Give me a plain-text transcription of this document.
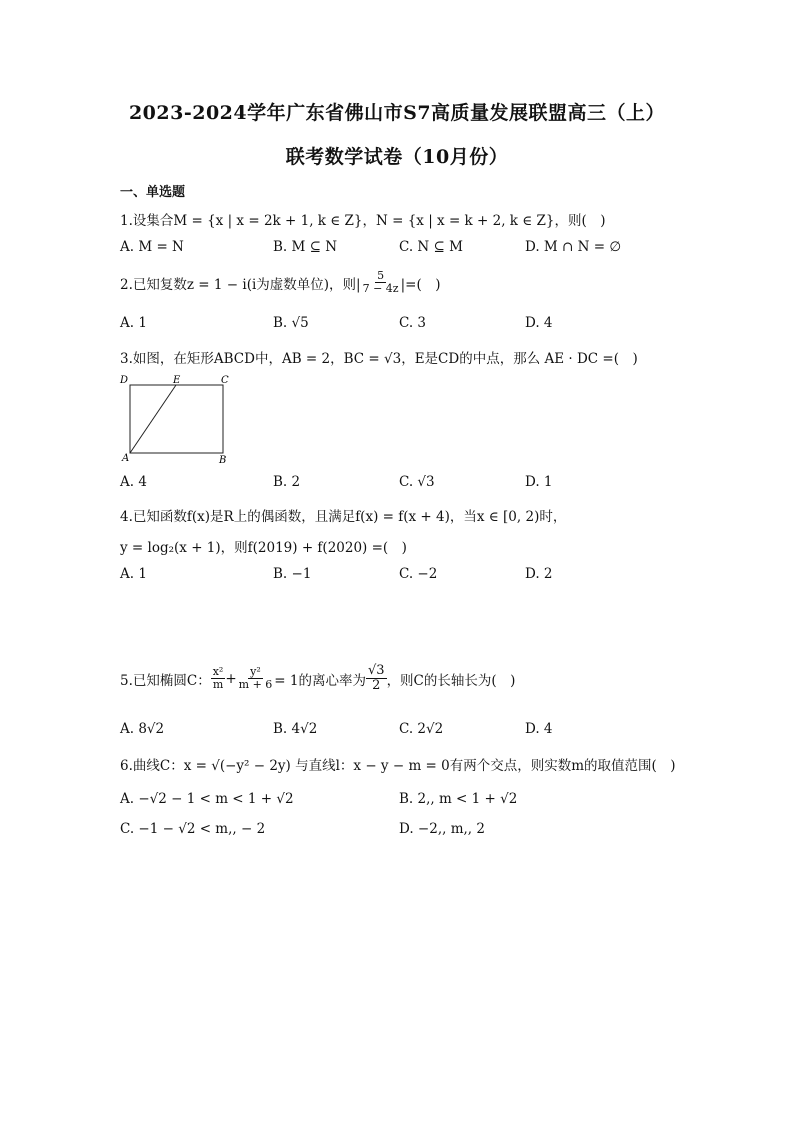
2023-2024学年广东省佛山市S7高质量发展联盟高三（上）
联考数学试卷（10月份）
一、单选题
1.设集合M = {x | x = 2k + 1, k ∈ Z}，N = {x | x = k + 2, k ∈ Z}，则(　)
A. M = N	B. M ⊆ N	C. N ⊆ M	D. M ∩ N = ∅
2.已知复数z = 1 − i(i为虚数单位)，则| $\frac{5}{7 - 4z}$ |=(　)
A. 1	B. √5	C. 3	D. 4
3.如图，在矩形ABCD中，AB = 2，BC = √3，E是CD的中点，那么 AE · DC =(　)
D	E	C
A	B
A. 4	B. 2	C. √3	D. 1
4.已知函数f(x)是R上的偶函数，且满足f(x) = f(x + 4)，当x ∈ [0, 2)时，
y = log₂(x + 1)，则f(2019) + f(2020) =(　)
A. 1	B. −1	C. −2	D. 2
5.已知椭圆C： $\frac{\text{x²}}{m} + \frac{\text{y²}}{m + 6} = 1$的离心率为 $\frac{√3}{2}$ ，则C的长轴长为(　)
A. 8√2	B. 4√2	C. 2√2	D. 4
6.曲线C：x = √(−y² − 2y) 与直线l：x − y − m = 0有两个交点，则实数m的取值范围(　)
A. −√2 − 1 < m < 1 + √2	B. 2,, m < 1 + √2
C. −1 − √2 < m,, − 2	D. −2,, m,, 2
